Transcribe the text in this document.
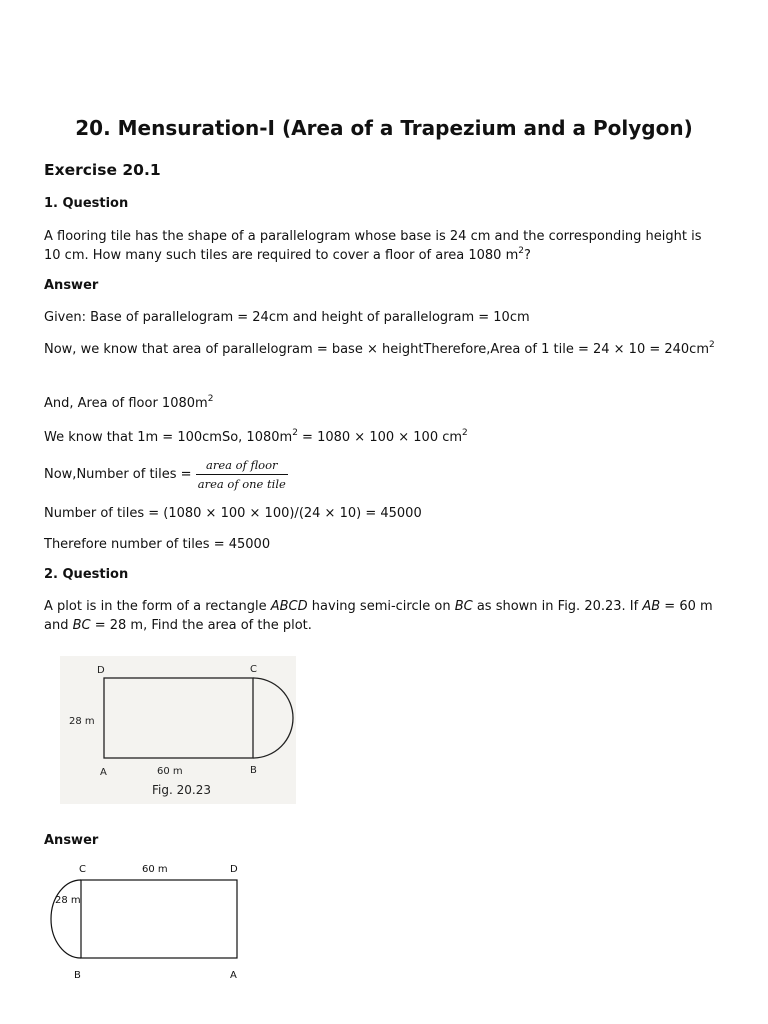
20. Mensuration-I (Area of a Trapezium and a Polygon)
Exercise 20.1
1. Question

A flooring tile has the shape of a parallelogram whose base is 24 cm and the corresponding height is 10 cm. How many such tiles are required to cover a floor of area 1080 $m^2$?

Answer

Given: Base of parallelogram = 24cm and height of parallelogram = 10cm

Now, we know that area of parallelogram = base × heightTherefore,Area of 1 tile = $24 \times 10 = 240cm^2$

And, Area of floor $1080m^2$

We know that 1m = 100cmSo, $1080m^2 = 1080 \times 100 \times 100$ $cm^2$

Now,Number of tiles = $\frac{\text{area of floor}}{\text{area of one tile}}$

Number of tiles = (1080 × 100 × 100)/(24 × 10) = 45000

Therefore number of tiles = 45000

2. Question

A plot is in the form of a rectangle ABCD having semi-circle on BC as shown in Fig. 20.23. If AB = 60 m and BC = 28 m, Find the area of the plot.

D	C
A	B
28 m
60 m
Fig. 20.23
Answer
C	60 m	D
28 m
B	A
